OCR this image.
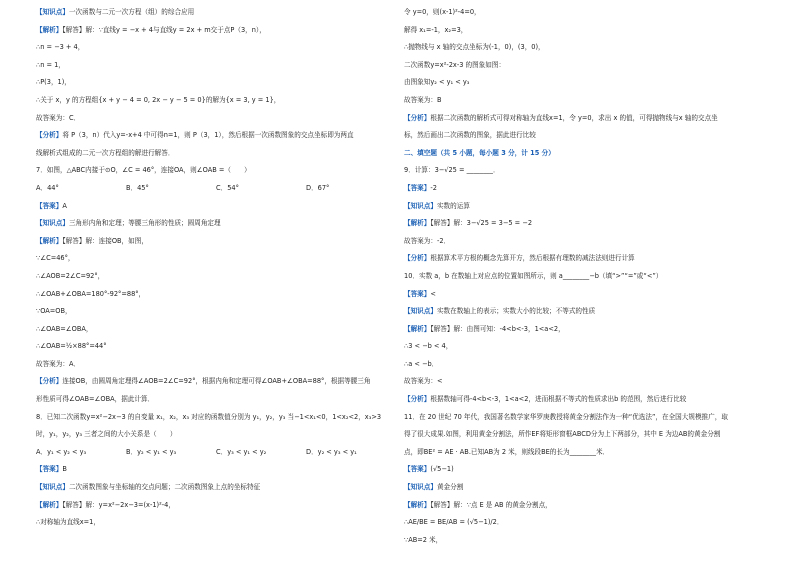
【知识点】一次函数与二元一次方程（组）的综合应用
【解析】【解答】解：∵直线y = −x + 4与直线y = 2x + m交于点P（3，n），
∴n = −3 + 4，
∴n = 1，
∴P(3，1)，
∴关于 x，y 的方程组{x + y − 4 = 0, 2x − y − 5 = 0}的解为{x = 3, y = 1}，
故答案为：C．
【分析】将 P（3，n）代入y=-x+4 中可得n=1，则 P（3，1），然后根据一次函数图象的交点坐标即为两直
线解析式组成的二元一次方程组的解进行解答．
7．如图，△ABC内接于⊙O，∠C = 46°，连接OA，则∠OAB =（　　）
A．44°	B．45°	C．54°	D．67°
【答案】A
【知识点】三角形内角和定理；等腰三角形的性质；圆周角定理
【解析】【解答】解：连接OB，如图，
∵∠C=46°，
∴∠AOB=2∠C=92°，
∴∠OAB+∠OBA=180°-92°=88°，
∵OA=OB，
∴∠OAB=∠OBA，
∴∠OAB=½×88°=44°
故答案为：A．
【分析】连接OB，由圆周角定理得∠AOB=2∠C=92°，根据内角和定理可得∠OAB+∠OBA=88°，根据等腰三角
形性质可得∠OAB=∠OBA，据此计算．
8．已知二次函数y=x²−2x−3 的自变量 x₁，x₂，x₃ 对应的函数值分别为 y₁，y₂，y₃ 当−1<x₁<0，1<x₂<2，x₃>3
时，y₁，y₂，y₃ 三者之间的大小关系是（　　）
A．y₁ < y₂ < y₃	B．y₂ < y₁ < y₃	C．y₃ < y₁ < y₂	D．y₂ < y₃ < y₁
【答案】B
【知识点】二次函数图象与坐标轴的交点问题；二次函数图象上点的坐标特征
【解析】【解答】解：y=x²−2x−3=(x-1)²-4，
∴对称轴为直线x=1，
令 y=0，则(x-1)²-4=0，
解得 x₁=-1，x₂=3，
∴抛物线与 x 轴的交点坐标为(-1，0)，(3，0)，
二次函数y=x²-2x-3 的图象如图：
由图象知y₂ < y₁ < y₃
故答案为：B
【分析】根据二次函数的解析式可得对称轴为直线x=1，令 y=0，求出 x 的值，可得抛物线与x 轴的交点坐
标，然后画出二次函数的图象，据此进行比较
二、填空题（共 5 小题，每小题 3 分，计 15 分）
9．计算：3−√25 = ________．
【答案】-2
【知识点】实数的运算
【解析】【解答】解：3−√25 = 3−5 = −2
故答案为：-2．
【分析】根据算术平方根的概念先算开方，然后根据有理数的减法法则进行计算
10．实数 a，b 在数轴上对应点的位置如图所示，则 a________−b（填“>”“=”或“<”）
【答案】<
【知识点】实数在数轴上的表示；实数大小的比较；不等式的性质
【解析】【解答】解：由图可知：-4<b<-3，1<a<2，
∴3 < −b < 4，
∴a < −b．
故答案为：<
【分析】根据数轴可得-4<b<-3，1<a<2，进而根据不等式的性质求出b 的范围，然后进行比较
11．在 20 世纪 70 年代，我国著名数学家华罗庚教授将黄金分割法作为一种“优选法”，在全国大规模推广，取
得了很大成果.如图，利用黄金分割法，所作EF将矩形窗框ABCD分为上下两部分，其中 E 为边AB的黄金分割
点，即BE² = AE · AB.已知AB为 2 米，则线段BE的长为________米．
【答案】(√5−1)
【知识点】黄金分割
【解析】【解答】解：∵点 E 是 AB 的黄金分割点，
∴AE/BE = BE/AB = (√5−1)/2．
∵AB=2 米，
